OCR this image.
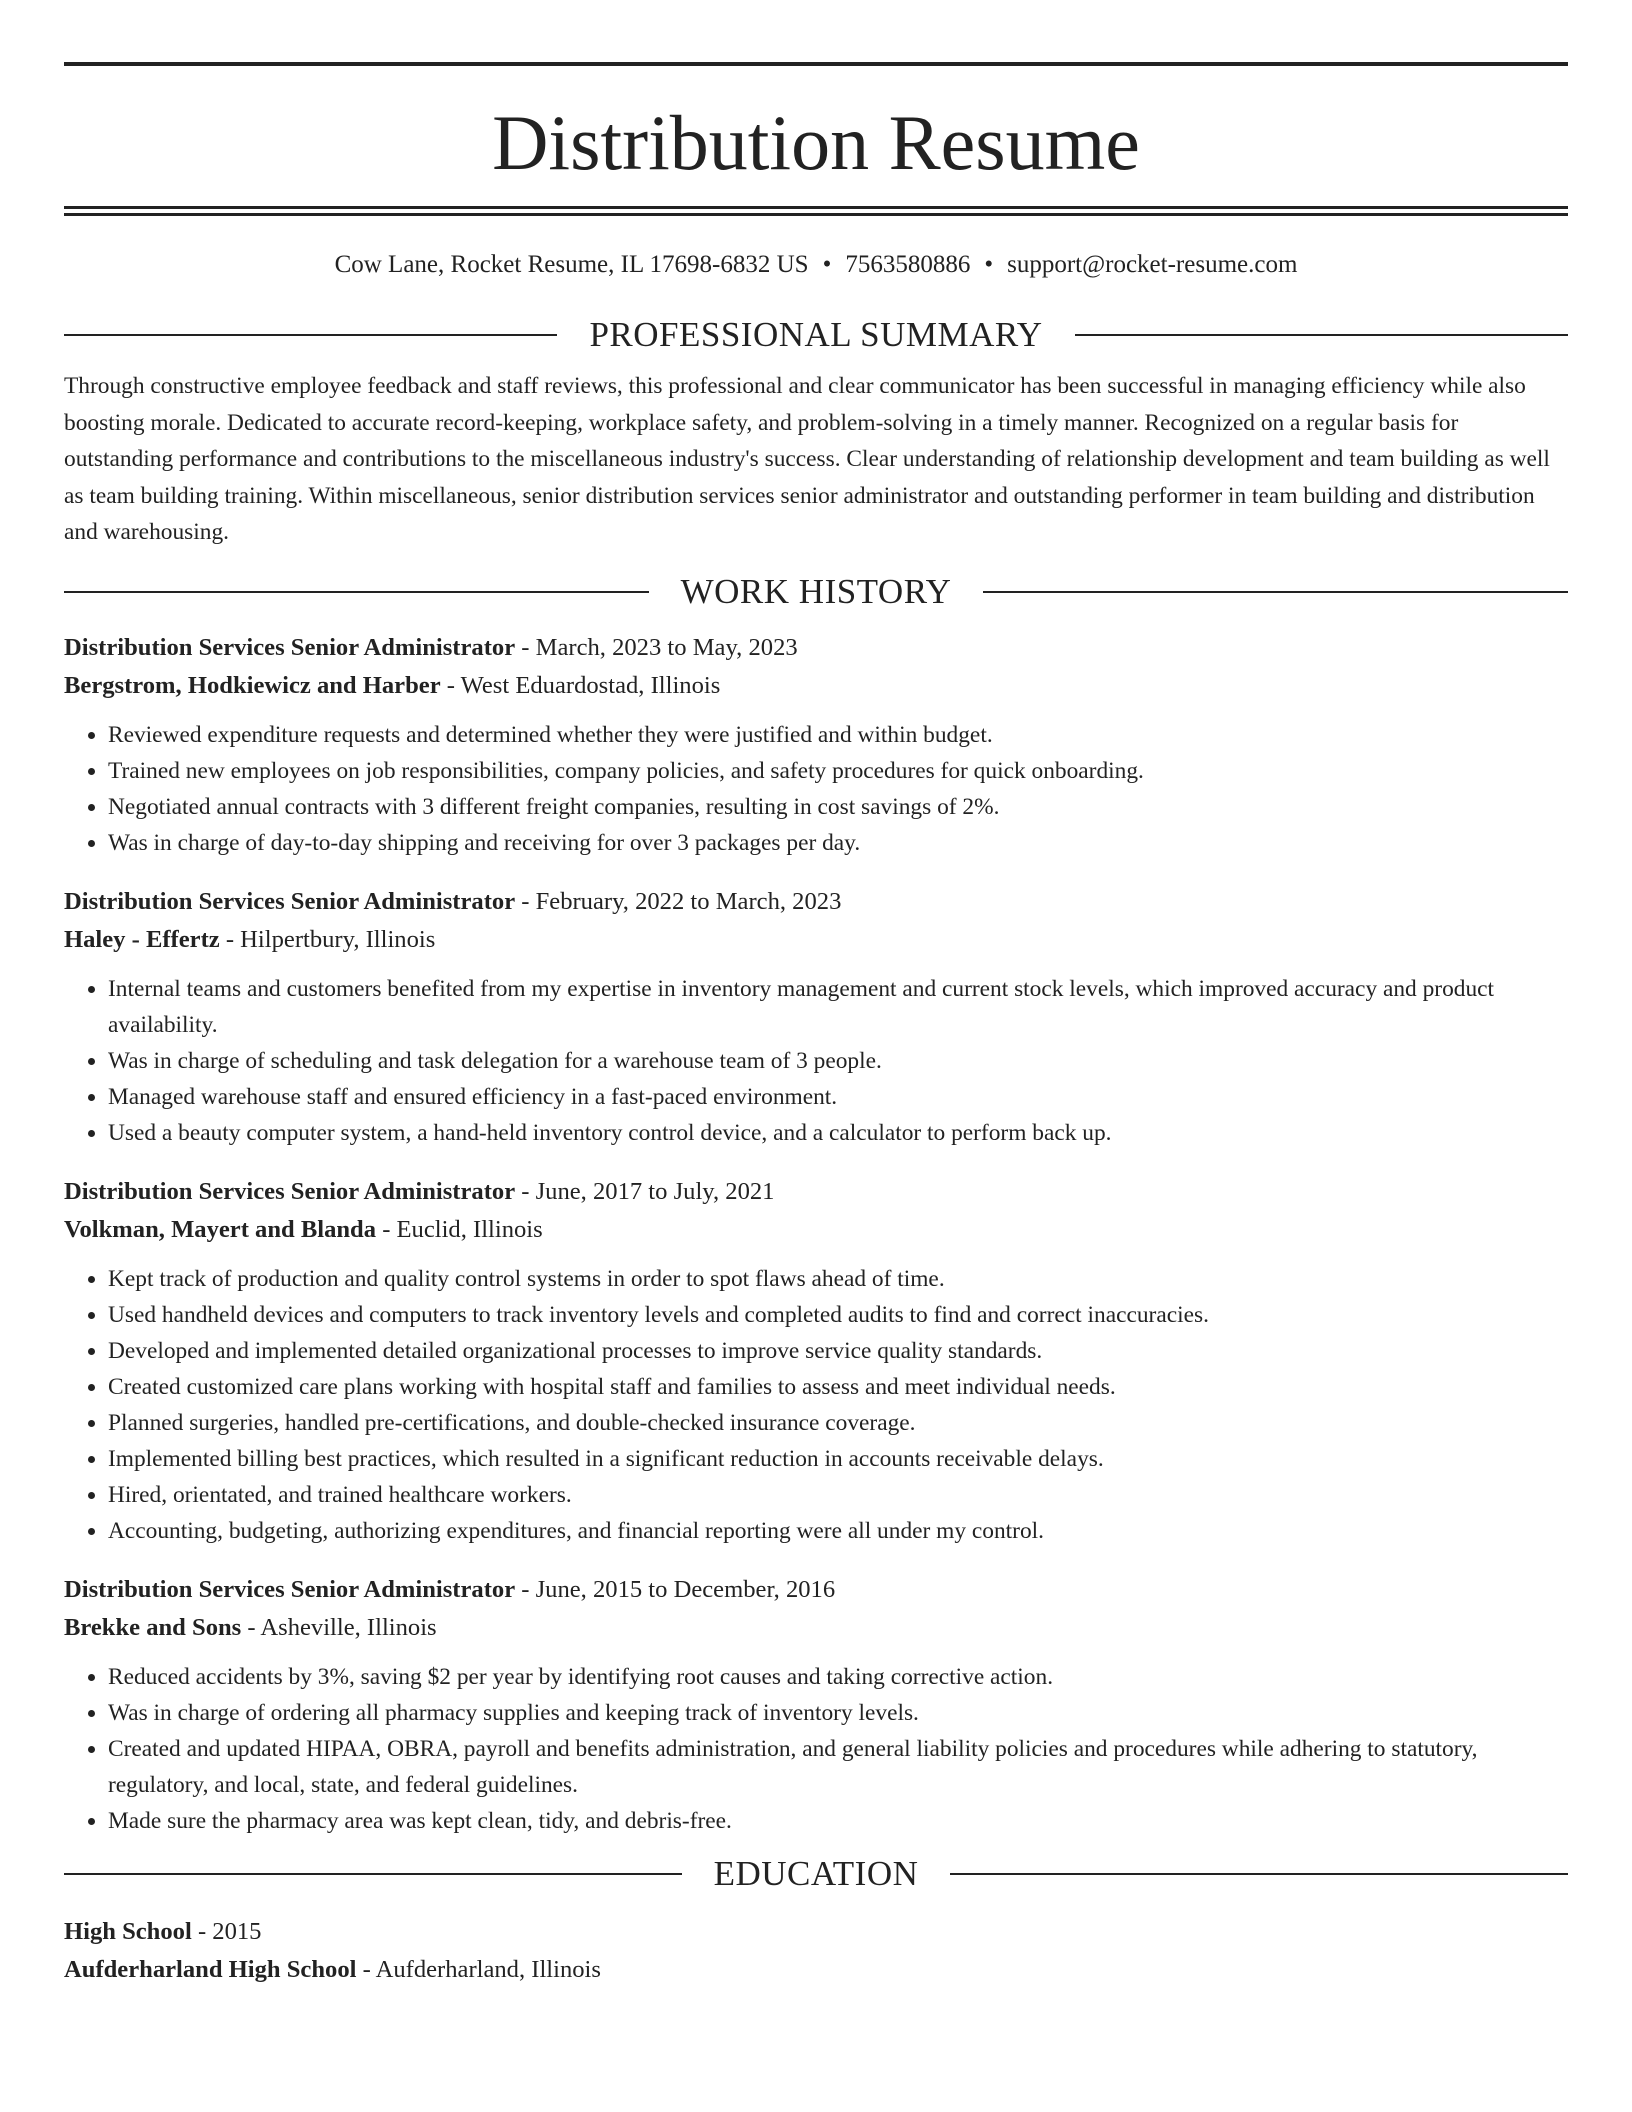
Distribution Resume
Cow Lane, Rocket Resume, IL 17698-6832 US • 7563580886 • support@rocket-resume.com
PROFESSIONAL SUMMARY
Through constructive employee feedback and staff reviews, this professional and clear communicator has been successful in managing efficiency while also boosting morale. Dedicated to accurate record-keeping, workplace safety, and problem-solving in a timely manner. Recognized on a regular basis for outstanding performance and contributions to the miscellaneous industry's success. Clear understanding of relationship development and team building as well as team building training. Within miscellaneous, senior distribution services senior administrator and outstanding performer in team building and distribution and warehousing.
WORK HISTORY
Distribution Services Senior Administrator - March, 2023 to May, 2023
Bergstrom, Hodkiewicz and Harber - West Eduardostad, Illinois
• Reviewed expenditure requests and determined whether they were justified and within budget.
• Trained new employees on job responsibilities, company policies, and safety procedures for quick onboarding.
• Negotiated annual contracts with 3 different freight companies, resulting in cost savings of 2%.
• Was in charge of day-to-day shipping and receiving for over 3 packages per day.
Distribution Services Senior Administrator - February, 2022 to March, 2023
Haley - Effertz - Hilpertbury, Illinois
• Internal teams and customers benefited from my expertise in inventory management and current stock levels, which improved accuracy and product availability.
• Was in charge of scheduling and task delegation for a warehouse team of 3 people.
• Managed warehouse staff and ensured efficiency in a fast-paced environment.
• Used a beauty computer system, a hand-held inventory control device, and a calculator to perform back up.
Distribution Services Senior Administrator - June, 2017 to July, 2021
Volkman, Mayert and Blanda - Euclid, Illinois
• Kept track of production and quality control systems in order to spot flaws ahead of time.
• Used handheld devices and computers to track inventory levels and completed audits to find and correct inaccuracies.
• Developed and implemented detailed organizational processes to improve service quality standards.
• Created customized care plans working with hospital staff and families to assess and meet individual needs.
• Planned surgeries, handled pre-certifications, and double-checked insurance coverage.
• Implemented billing best practices, which resulted in a significant reduction in accounts receivable delays.
• Hired, orientated, and trained healthcare workers.
• Accounting, budgeting, authorizing expenditures, and financial reporting were all under my control.
Distribution Services Senior Administrator - June, 2015 to December, 2016
Brekke and Sons - Asheville, Illinois
• Reduced accidents by 3%, saving $2 per year by identifying root causes and taking corrective action.
• Was in charge of ordering all pharmacy supplies and keeping track of inventory levels.
• Created and updated HIPAA, OBRA, payroll and benefits administration, and general liability policies and procedures while adhering to statutory, regulatory, and local, state, and federal guidelines.
• Made sure the pharmacy area was kept clean, tidy, and debris-free.
EDUCATION
High School - 2015
Aufderharland High School - Aufderharland, Illinois
